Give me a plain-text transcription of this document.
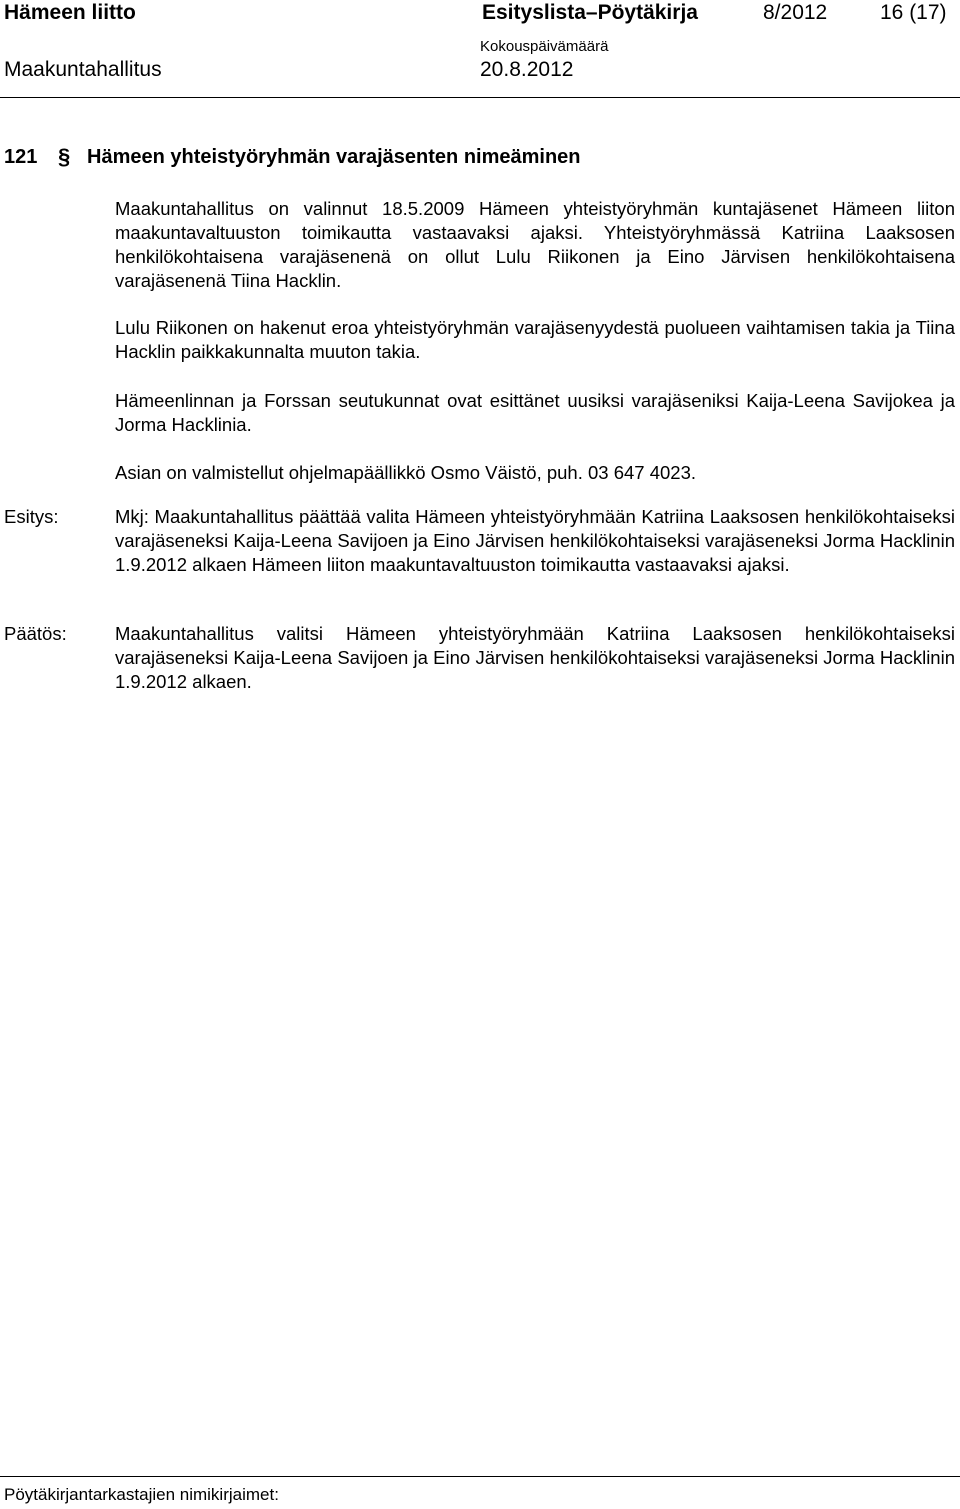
Hämeen liitto	Esityslista–Pöytäkirja	8/2012	16 (17)
Kokouspäivämäärä
Maakuntahallitus	20.8.2012
121 § Hämeen yhteistyöryhmän varajäsenten nimeäminen
Maakuntahallitus on valinnut 18.5.2009 Hämeen yhteistyöryhmän kuntajäsenet Hämeen liiton maakuntavaltuuston toimikautta vastaavaksi ajaksi. Yhteistyöryhmässä Katriina Laaksosen henkilökohtaisena varajäsenenä on ollut Lulu Riikonen ja Eino Järvisen henkilökohtaisena varajäsenenä Tiina Hacklin.
Lulu Riikonen on hakenut eroa yhteistyöryhmän varajäsenyydestä puolueen vaihtamisen takia ja Tiina Hacklin paikkakunnalta muuton takia.
Hämeenlinnan ja Forssan seutukunnat ovat esittänet uusiksi varajäseniksi Kaija-Leena Savijokea ja Jorma Hacklinia.
Asian on valmistellut ohjelmapäällikkö Osmo Väistö, puh. 03 647 4023.
Esitys:	Mkj: Maakuntahallitus päättää valita Hämeen yhteistyöryhmään Katriina Laaksosen henkilökohtaiseksi varajäseneksi Kaija-Leena Savijoen ja Eino Järvisen henkilökohtaiseksi varajäseneksi Jorma Hacklinin 1.9.2012 alkaen Hämeen liiton maakuntavaltuuston toimikautta vastaavaksi ajaksi.
Päätös:	Maakuntahallitus valitsi Hämeen yhteistyöryhmään Katriina Laaksosen henkilökohtaiseksi varajäseneksi Kaija-Leena Savijoen ja Eino Järvisen henkilökohtaiseksi varajäseneksi Jorma Hacklinin 1.9.2012 alkaen.
Pöytäkirjantarkastajien nimikirjaimet:
